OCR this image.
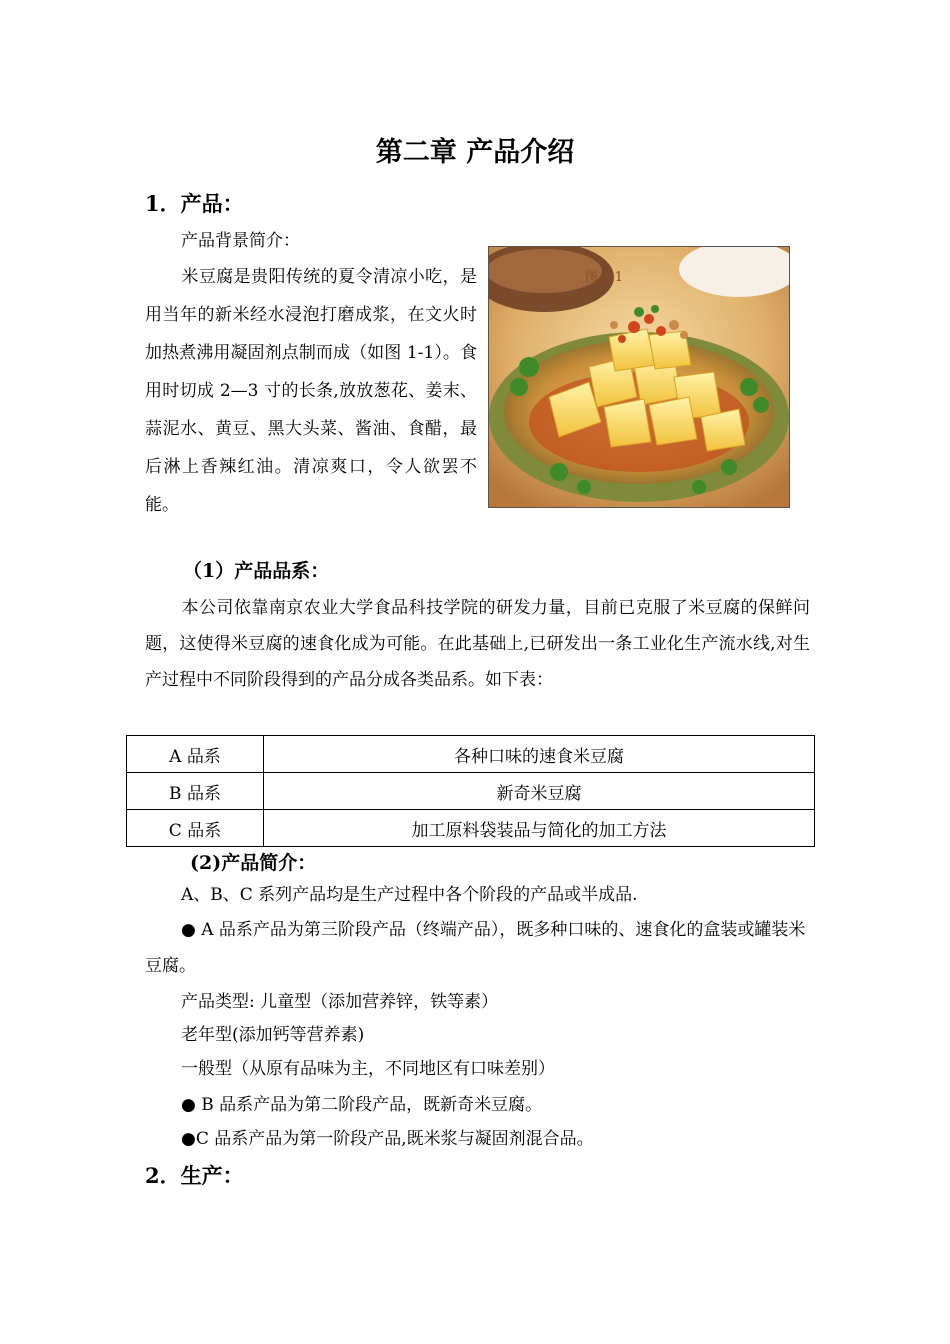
第二章 产品介绍
1．产品：
产品背景简介：
米豆腐是贵阳传统的夏令清凉小吃，是用当年的新米经水浸泡打磨成浆，在文火时加热煮沸用凝固剂点制而成（如图 1-1）。食用时切成 2—3 寸的长条,放放葱花、姜末、蒜泥水、黄豆、黑大头菜、酱油、食醋，最后淋上香辣红油。清凉爽口，令人欲罢不能。
图 1-1
（1）产品品系：
本公司依靠南京农业大学食品科技学院的研发力量，目前已克服了米豆腐的保鲜问题，这使得米豆腐的速食化成为可能。在此基础上,已研发出一条工业化生产流水线,对生产过程中不同阶段得到的产品分成各类品系。如下表：
A 品系	各种口味的速食米豆腐
B 品系	新奇米豆腐
C 品系	加工原料袋装品与简化的加工方法
(2)产品简介：
A、B、C 系列产品均是生产过程中各个阶段的产品或半成品.
● A 品系产品为第三阶段产品（终端产品），既多种口味的、速食化的盒装或罐装米豆腐。
产品类型: 儿童型（添加营养锌，铁等素）
老年型(添加钙等营养素)
一般型（从原有品味为主，不同地区有口味差别）
● B 品系产品为第二阶段产品，既新奇米豆腐。
●C 品系产品为第一阶段产品,既米浆与凝固剂混合品。
2．生产：
